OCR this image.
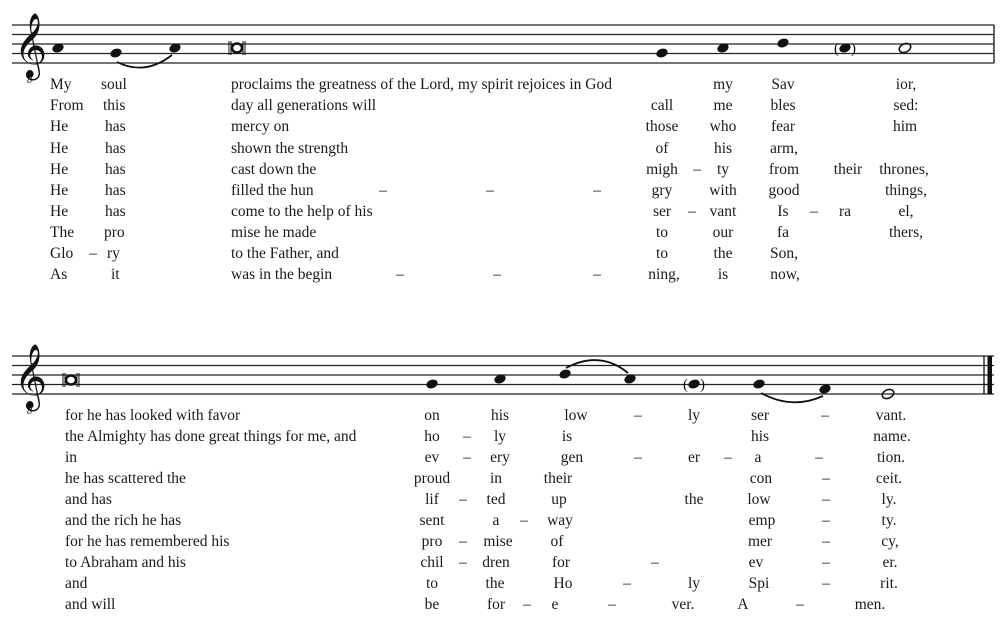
𝄞
8
( )
My soul	proclaims the greatness of the Lord, my spirit rejoices in God	my Sav	ior,
From this	day all generations will	call	me bles	sed:
He has	mercy on	those who fear	him
He has	shown the strength	of	his arm,
He has	cast down the	migh – ty	from their thrones,
He has	filled the hun	–	–	–	gry with good	things,
He has	come to the help of his	ser – vant	Is – ra	el,
The pro	mise he made	to	our	fa	thers,
Glo – ry	to the Father, and	to	the Son,
As	it	was in the begin	–	–	–	ning, is	now,
𝄞
8
( )
for he has looked with favor	on	his	low	–	ly	ser	–	vant.
the Almighty has done great things for me, and	ho – ly	is	his	name.
in	ev – ery	gen	–	er – a	–	tion.
he has scattered the	proud	in	their	con	–	ceit.
and has	lif – ted	up	the	low	–	ly.
and the rich he has	sent	a – way	emp	–	ty.
for he has remembered his	pro – mise of	mer	–	cy,
to Abraham and his	chil – dren	for	–	ev	–	er.
and	to	the	Ho	–	ly	Spi	–	rit.
and will	be	for – e	–	ver.	A	–	men.
